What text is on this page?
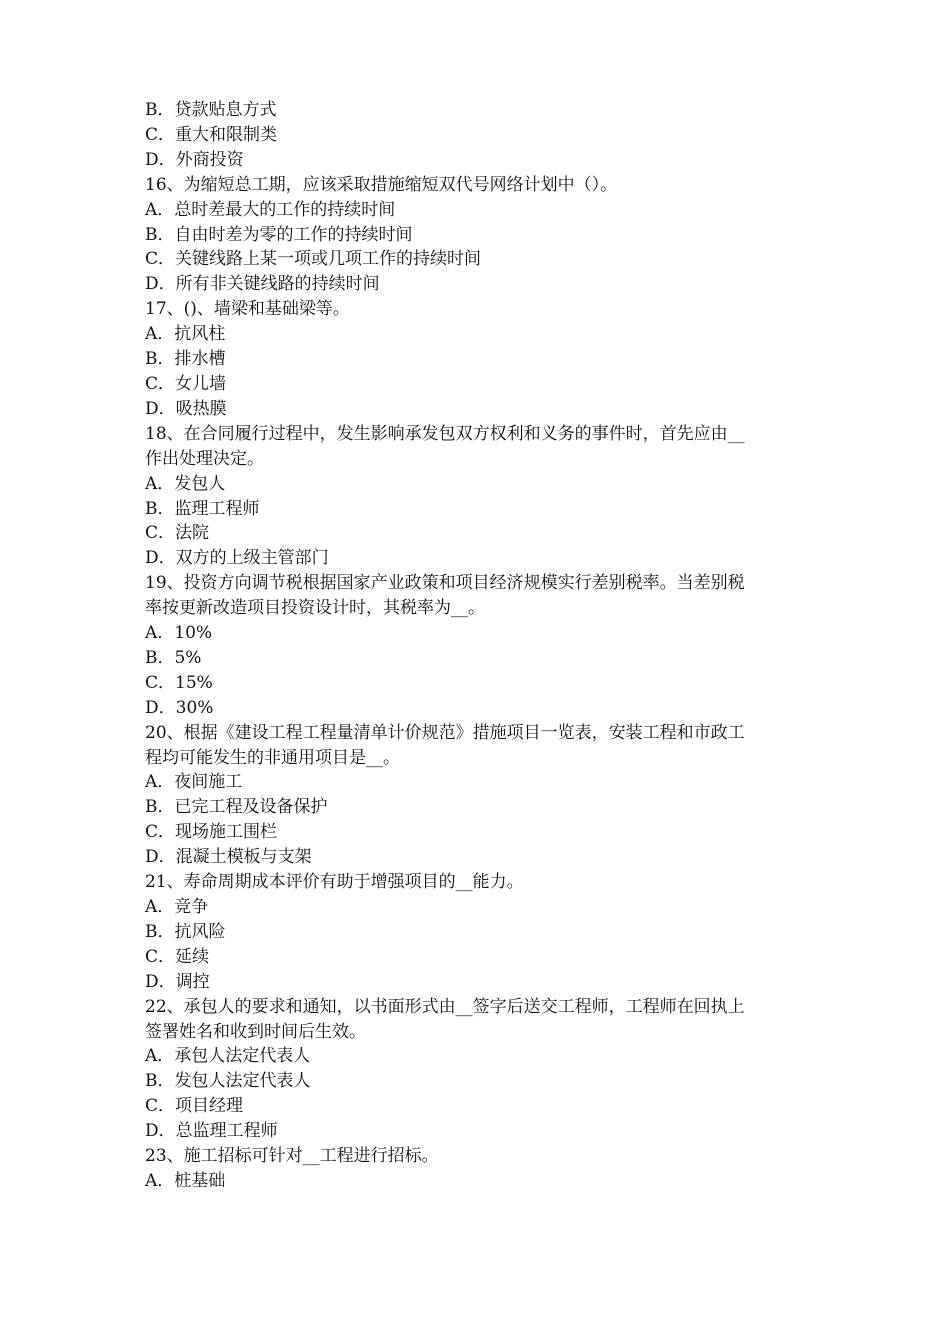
B．贷款贴息方式

C．重大和限制类

D．外商投资

16、为缩短总工期，应该采取措施缩短双代号网络计划中（）。

A．总时差最大的工作的持续时间

B．自由时差为零的工作的持续时间

C．关键线路上某一项或几项工作的持续时间

D．所有非关键线路的持续时间

17、()、墙梁和基础梁等。

A．抗风柱

B．排水槽

C．女儿墙

D．吸热膜

18、在合同履行过程中，发生影响承发包双方权利和义务的事件时，首先应由__

作出处理决定。

A．发包人

B．监理工程师

C．法院

D．双方的上级主管部门

19、投资方向调节税根据国家产业政策和项目经济规模实行差别税率。当差别税

率按更新改造项目投资设计时，其税率为__。

A．10%

B．5%

C．15%

D．30%

20、根据《建设工程工程量清单计价规范》措施项目一览表，安装工程和市政工

程均可能发生的非通用项目是__。

A．夜间施工

B．已完工程及设备保护

C．现场施工围栏

D．混凝土模板与支架

21、寿命周期成本评价有助于增强项目的__能力。

A．竞争

B．抗风险

C．延续

D．调控

22、承包人的要求和通知，以书面形式由__签字后送交工程师，工程师在回执上

签署姓名和收到时间后生效。

A．承包人法定代表人

B．发包人法定代表人

C．项目经理

D．总监理工程师

23、施工招标可针对__工程进行招标。

A．桩基础
